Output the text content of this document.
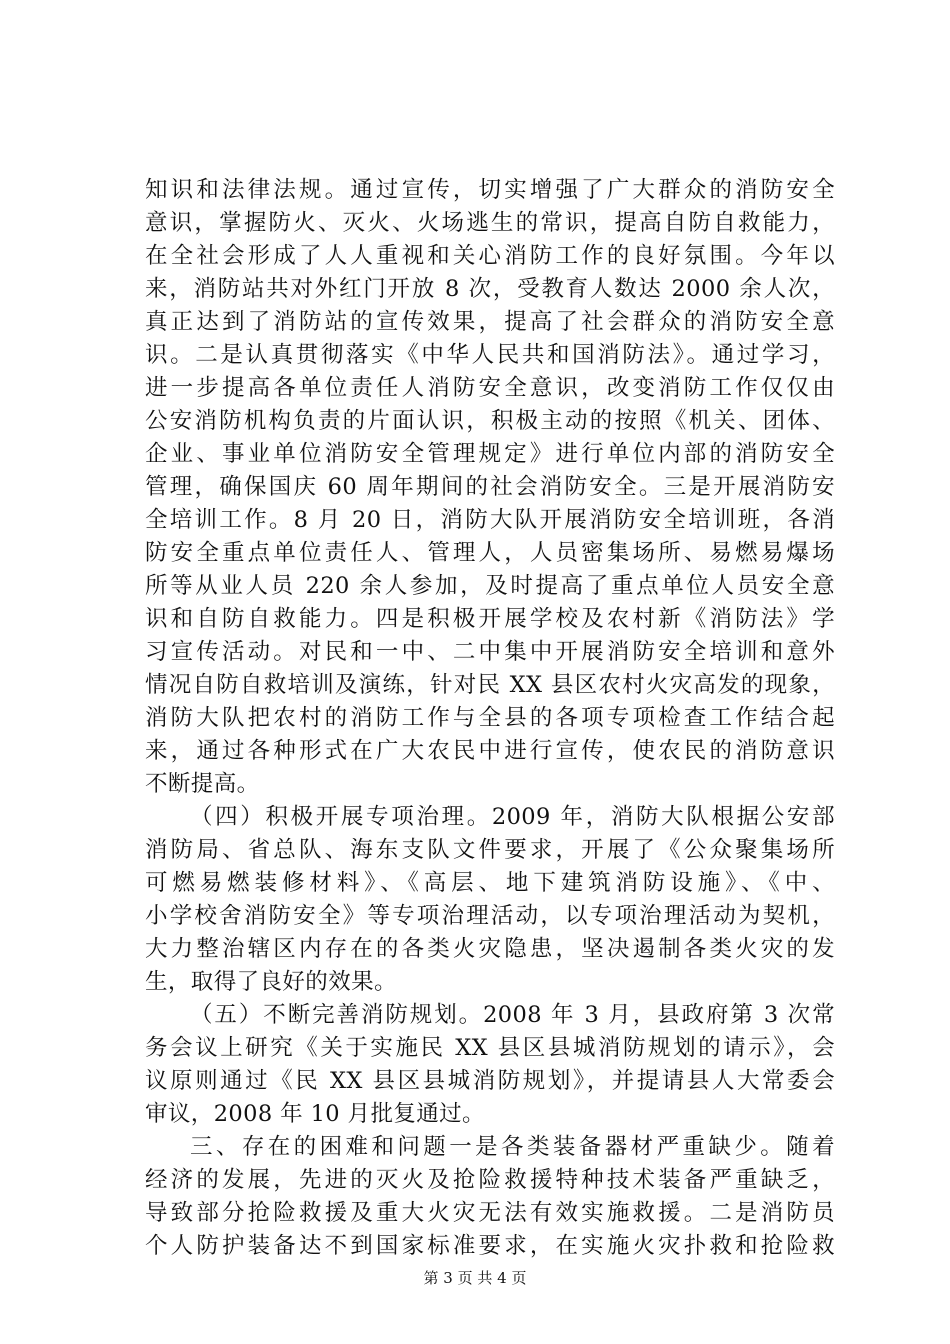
知识和法律法规。通过宣传，切实增强了广大群众的消防安全
意识，掌握防火、灭火、火场逃生的常识，提高自防自救能力，
在全社会形成了人人重视和关心消防工作的良好氛围。今年以
来，消防站共对外红门开放 8 次，受教育人数达 2000 余人次，
真正达到了消防站的宣传效果，提高了社会群众的消防安全意
识。二是认真贯彻落实《中华人民共和国消防法》。通过学习，
进一步提高各单位责任人消防安全意识，改变消防工作仅仅由
公安消防机构负责的片面认识，积极主动的按照《机关、团体、
企业、事业单位消防安全管理规定》进行单位内部的消防安全
管理，确保国庆 60 周年期间的社会消防安全。三是开展消防安
全培训工作。8 月 20 日，消防大队开展消防安全培训班，各消
防安全重点单位责任人、管理人，人员密集场所、易燃易爆场
所等从业人员 220 余人参加，及时提高了重点单位人员安全意
识和自防自救能力。四是积极开展学校及农村新《消防法》学
习宣传活动。对民和一中、二中集中开展消防安全培训和意外
情况自防自救培训及演练，针对民 XX 县区农村火灾高发的现象，
消防大队把农村的消防工作与全县的各项专项检查工作结合起
来，通过各种形式在广大农民中进行宣传，使农民的消防意识
不断提高。
（四）积极开展专项治理。2009 年，消防大队根据公安部
消防局、省总队、海东支队文件要求，开展了《公众聚集场所
可燃易燃装修材料》、《高层、地下建筑消防设施》、《中、
小学校舍消防安全》等专项治理活动，以专项治理活动为契机，
大力整治辖区内存在的各类火灾隐患，坚决遏制各类火灾的发
生，取得了良好的效果。
（五）不断完善消防规划。2008 年 3 月，县政府第 3 次常
务会议上研究《关于实施民 XX 县区县城消防规划的请示》，会
议原则通过《民 XX 县区县城消防规划》，并提请县人大常委会
审议，2008 年 10 月批复通过。
三、存在的困难和问题一是各类装备器材严重缺少。随着
经济的发展，先进的灭火及抢险救援特种技术装备严重缺乏，
导致部分抢险救援及重大火灾无法有效实施救援。二是消防员
个人防护装备达不到国家标准要求，在实施火灾扑救和抢险救
第 3 页 共 4 页
